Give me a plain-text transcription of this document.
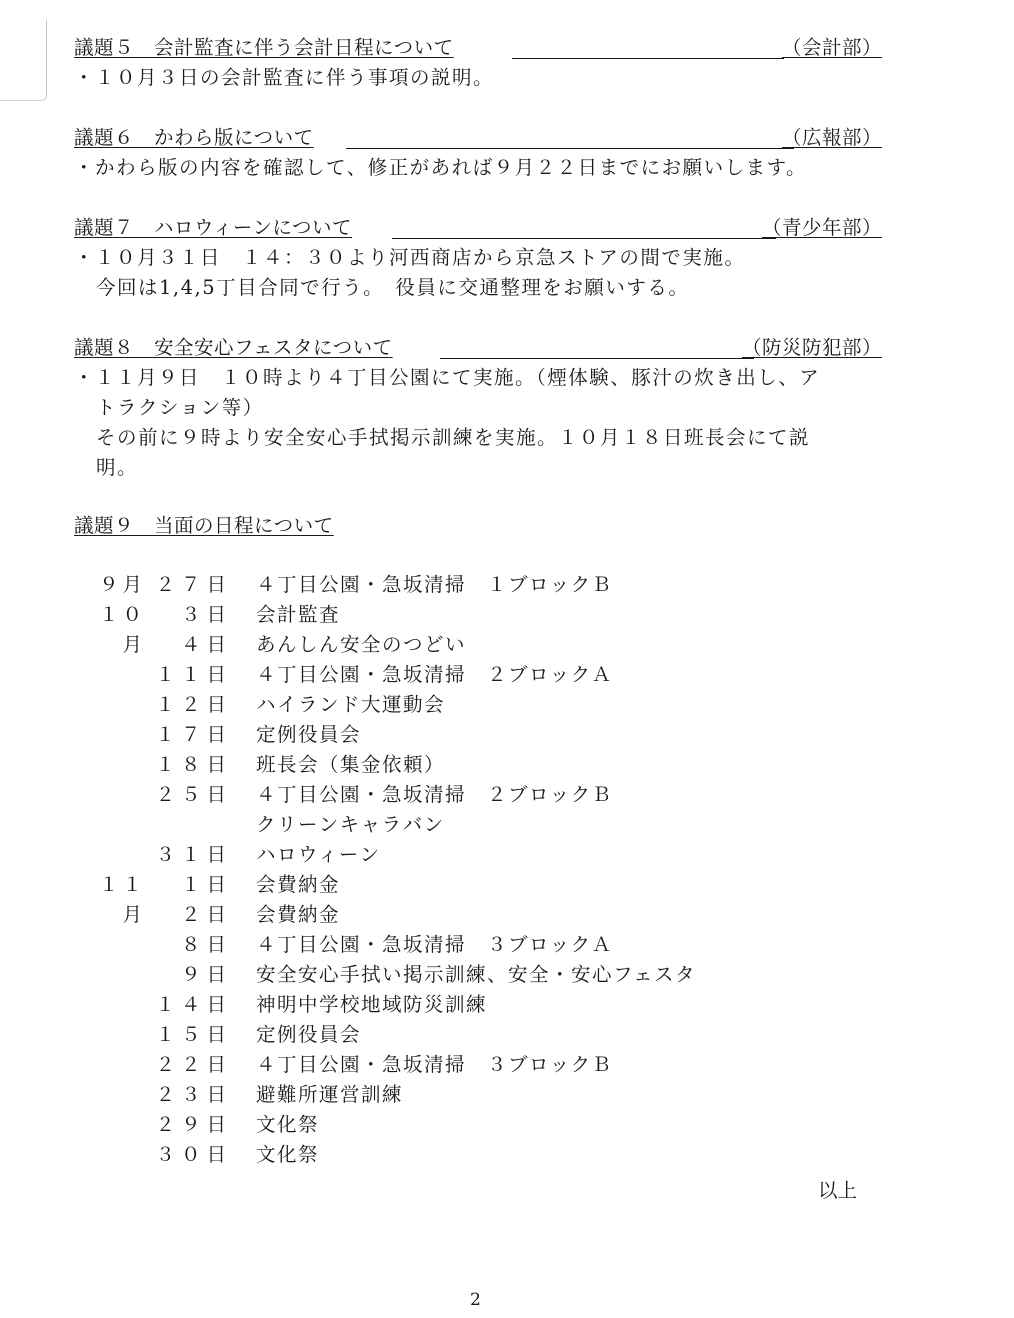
議題５　会計監査に伴う会計日程について	（会計部）
・１０月３日の会計監査に伴う事項の説明。
議題６　かわら版について	（広報部）
・かわら版の内容を確認して、修正があれば９月２２日までにお願いします。
議題７　ハロウィーンについて	（青少年部）
・１０月３１日　１４：３０より河西商店から京急ストアの間で実施。
今回は1,4,5丁目合同で行う。　役員に交通整理をお願いする。
議題８　安全安心フェスタについて	（防災防犯部）
・１１月９日　１０時より４丁目公園にて実施。（煙体験、豚汁の炊き出し、ア
トラクション等）
その前に９時より安全安心手拭掲示訓練を実施。１０月１８日班長会にて説
明。
議題９　当面の日程について
９月 ２７日 ４丁目公園・急坂清掃　１ブロックＢ
１０月
３日 会計監査
４日 あんしん安全のつどい
１１日 ４丁目公園・急坂清掃　２ブロックＡ
１２日 ハイランド大運動会
１７日 定例役員会
１８日 班長会（集金依頼）
２５日 ４丁目公園・急坂清掃　２ブロックＢ
クリーンキャラバン
３１日 ハロウィーン
１１月
１日 会費納金
２日 会費納金
８日 ４丁目公園・急坂清掃　３ブロックＡ
９日 安全安心手拭い掲示訓練、安全・安心フェスタ
１４日 神明中学校地域防災訓練
１５日 定例役員会
２２日 ４丁目公園・急坂清掃　３ブロックＢ
２３日 避難所運営訓練
２９日 文化祭
３０日 文化祭
以上
2
